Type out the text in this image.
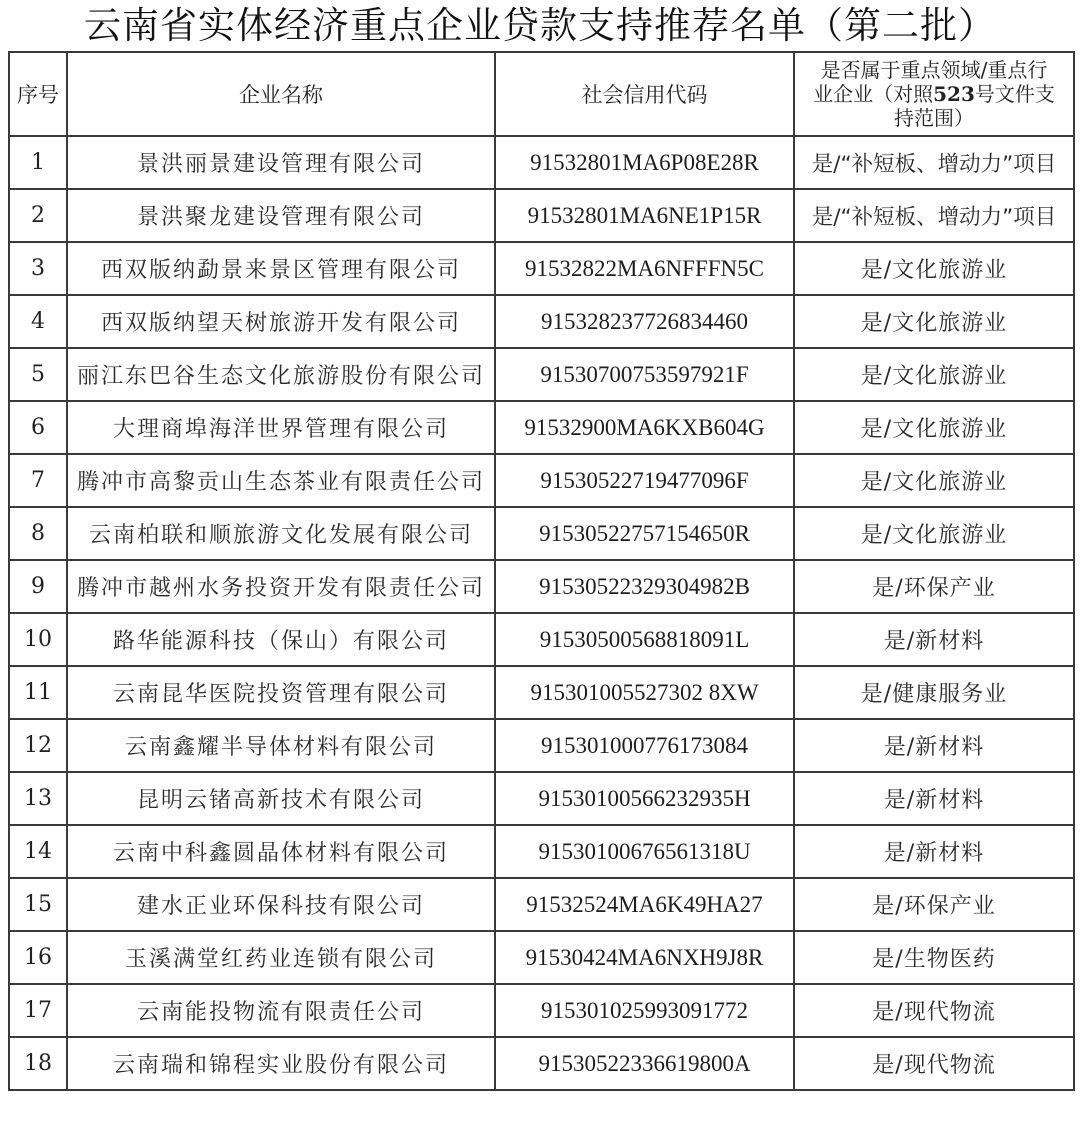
云南省实体经济重点企业贷款支持推荐名单（第二批）
序号	企业名称	社会信用代码	是否属于重点领域/重点行
业企业（对照523号文件支
持范围）
1	景洪丽景建设管理有限公司	91532801MA6P08E28R	是/“补短板、增动力”项目
2	景洪聚龙建设管理有限公司	91532801MA6NE1P15R	是/“补短板、增动力”项目
3	西双版纳勐景来景区管理有限公司	91532822MA6NFFFN5C	是/文化旅游业
4	西双版纳望天树旅游开发有限公司	915328237726834460	是/文化旅游业
5	丽江东巴谷生态文化旅游股份有限公司	91530700753597921F	是/文化旅游业
6	大理商埠海洋世界管理有限公司	91532900MA6KXB604G	是/文化旅游业
7	腾冲市高黎贡山生态茶业有限责任公司	91530522719477096F	是/文化旅游业
8	云南柏联和顺旅游文化发展有限公司	91530522757154650R	是/文化旅游业
9	腾冲市越州水务投资开发有限责任公司	91530522329304982B	是/环保产业
10	路华能源科技（保山）有限公司	91530500568818091L	是/新材料
11	云南昆华医院投资管理有限公司	915301005527302 8XW	是/健康服务业
12	云南鑫耀半导体材料有限公司	915301000776173084	是/新材料
13	昆明云锗高新技术有限公司	91530100566232935H	是/新材料
14	云南中科鑫圆晶体材料有限公司	91530100676561318U	是/新材料
15	建水正业环保科技有限公司	91532524MA6K49HA27	是/环保产业
16	玉溪满堂红药业连锁有限公司	91530424MA6NXH9J8R	是/生物医药
17	云南能投物流有限责任公司	915301025993091772	是/现代物流
18	云南瑞和锦程实业股份有限公司	91530522336619800A	是/现代物流
